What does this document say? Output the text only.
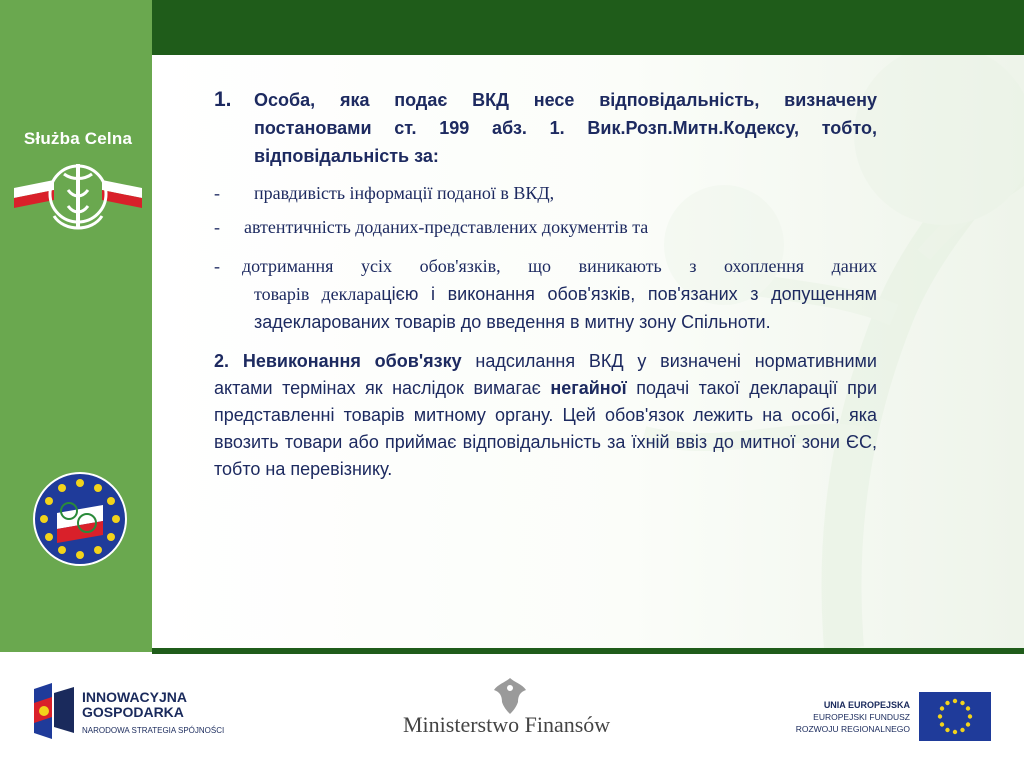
Służba Celna
1. Особа, яка подає ВКД несе відповідальність, визначену постановами ст. 199 абз. 1. Вик.Розп.Митн.Кодексу, тобто, відповідальність за:
- правдивість інформації поданої в ВКД,
- автентичність доданих-представлених документів та
- дотримання усіх обов'язків, що виникають з охоплення даних
товарів декларацією і виконання обов'язків, пов'язаних з допущенням задекларованих товарів до введення в митну зону Спільноти.
2. Невиконання обов'язку надсилання ВКД у визначені нормативними актами термінах як наслідок вимагає негайної подачі такої декларації при представленні товарів митному органу. Цей обов'язок лежить на особі, яка ввозить товари або приймає відповідальність за їхній ввіз до митної зони ЄС, тобто на перевізнику.
INNOWACYJNA
GOSPODARKA
NARODOWA STRATEGIA SPÓJNOŚCI	Ministerstwo Finansów
UNIA EUROPEJSKA
EUROPEJSKI FUNDUSZ
ROZWOJU REGIONALNEGO
